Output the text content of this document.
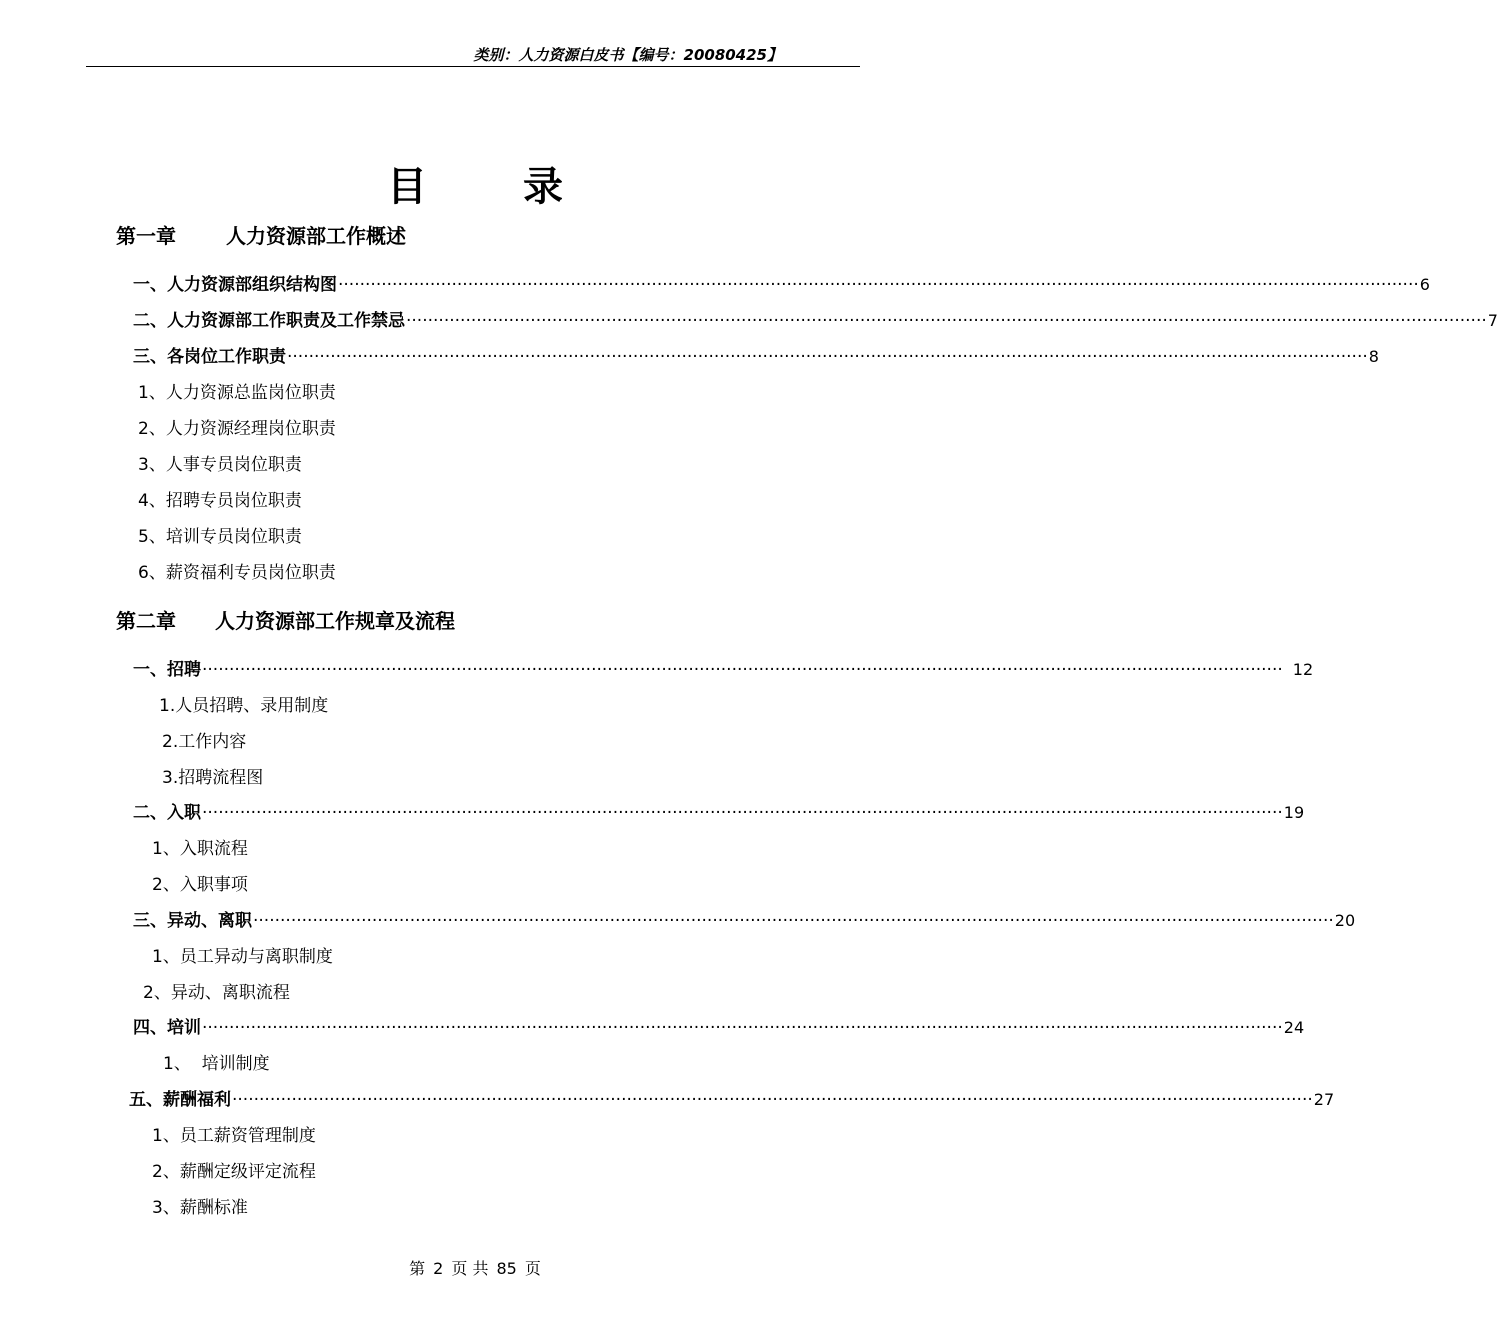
类别：人力资源白皮书【编号：20080425】
目录
第一章	人力资源部工作概述
一、人力资源部组织结构图 ········································································································································································································ 6
二、人力资源部工作职责及工作禁忌 ········································································································································································································ 7
三、各岗位工作职责 ········································································································································································································ 8
1、人力资源总监岗位职责
2、人力资源经理岗位职责
3、人事专员岗位职责
4、招聘专员岗位职责
5、培训专员岗位职责
6、薪资福利专员岗位职责
第二章 人力资源部工作规章及流程
一、招聘 ········································································································································································································ 12
1.人员招聘、录用制度
2.工作内容
3.招聘流程图
二、入职 ········································································································································································································ 19
1、入职流程
2、入职事项
三、异动、离职 ········································································································································································································ 20
1、员工异动与离职制度
2、异动、离职流程
四、培训 ········································································································································································································ 24
1、  培训制度
五、薪酬福利 ········································································································································································································ 27
1、员工薪资管理制度
2、薪酬定级评定流程
3、薪酬标准
第 2 页 共 85 页
